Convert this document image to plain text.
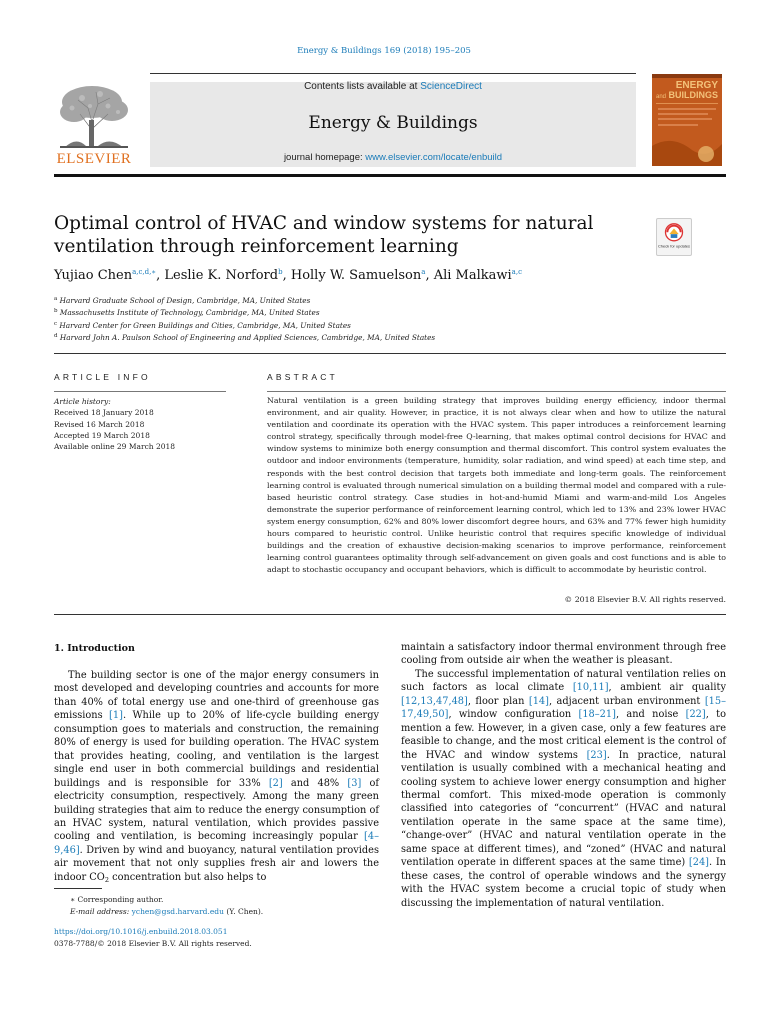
Energy & Buildings 169 (2018) 195–205
ELSEVIER
Contents lists available at ScienceDirect
Energy & Buildings
journal homepage: www.elsevier.com/locate/enbuild
ENERGY
and BUILDINGS
Optimal control of HVAC and window systems for natural ventilation through reinforcement learning	Check for updates
Yujiao Chen$^{a,c,d,∗}$, Leslie K. Norford$^b$, Holly W. Samuelson$^a$, Ali Malkawi$^{a,c}$
$^a$ Harvard Graduate School of Design, Cambridge, MA, United States
$^b$ Massachusetts Institute of Technology, Cambridge, MA, United States
$^c$ Harvard Center for Green Buildings and Cities, Cambridge, MA, United States
$^d$ Harvard John A. Paulson School of Engineering and Applied Sciences, Cambridge, MA, United States
ARTICLE INFO
Article history:
Received 18 January 2018
Revised 16 March 2018
Accepted 19 March 2018
Available online 29 March 2018
ABSTRACT
Natural ventilation is a green building strategy that improves building energy efficiency, indoor thermal environment, and air quality. However, in practice, it is not always clear when and how to utilize the natural ventilation and coordinate its operation with the HVAC system. This paper introduces a reinforcement learning control strategy, specifically through model-free Q-learning, that makes optimal control decisions for HVAC and window systems to minimize both energy consumption and thermal discomfort. This control system evaluates the outdoor and indoor environments (temperature, humidity, solar radiation, and wind speed) at each time step, and responds with the best control decision that targets both immediate and long-term goals. The reinforcement learning control is evaluated through numerical simulation on a building thermal model and compared with a rule-based heuristic control strategy. Case studies in hot-and-humid Miami and warm-and-mild Los Angeles demonstrate the superior performance of reinforcement learning control, which led to 13% and 23% lower HVAC system energy consumption, 62% and 80% lower discomfort degree hours, and 63% and 77% fewer high humidity hours compared to heuristic control. Unlike heuristic control that requires specific knowledge of individual buildings and the creation of exhaustive decision-making scenarios to improve performance, reinforcement learning control guarantees optimality through self-advancement on given goals and cost functions and is able to adapt to stochastic occupancy and occupant behaviors, which is difficult to accommodate by heuristic control.
© 2018 Elsevier B.V. All rights reserved.
1. Introduction
The building sector is one of the major energy consumers in most developed and developing countries and accounts for more than 40% of total energy use and one-third of greenhouse gas emissions [1]. While up to 20% of life-cycle building energy consumption goes to materials and construction, the remaining 80% of energy is used for building operation. The HVAC system that provides heating, cooling, and ventilation is the largest single end user in both commercial buildings and residential buildings and is responsible for 33% [2] and 48% [3] of electricity consumption, respectively. Among the many green building strategies that aim to reduce the energy consumption of an HVAC system, natural ventilation, which provides passive cooling and ventilation, is becoming increasingly popular [4–9,46]. Driven by wind and buoyancy, natural ventilation provides air movement that not only supplies fresh air and lowers the indoor $CO_2$ concentration but also helps to
maintain a satisfactory indoor thermal environment through free cooling from outside air when the weather is pleasant.
The successful implementation of natural ventilation relies on such factors as local climate [10,11], ambient air quality [12,13,47,48], floor plan [14], adjacent urban environment [15–17,49,50], window configuration [18–21], and noise [22], to mention a few. However, in a given case, only a few features are feasible to change, and the most critical element is the control of the HVAC and window systems [23]. In practice, natural ventilation is usually combined with a mechanical heating and cooling system to achieve lower energy consumption and higher thermal comfort. This mixed-mode operation is commonly classified into categories of “concurrent” (HVAC and natural ventilation operate in the same space at the same time), “change-over” (HVAC and natural ventilation operate in the same space at different times), and “zoned” (HVAC and natural ventilation operate in different spaces at the same time) [24]. In these cases, the control of operable windows and the synergy with the HVAC system become a crucial topic of study when discussing the implementation of natural ventilation.
∗ Corresponding author.
E-mail address: ychen@gsd.harvard.edu (Y. Chen).
https://doi.org/10.1016/j.enbuild.2018.03.051
0378-7788/© 2018 Elsevier B.V. All rights reserved.
